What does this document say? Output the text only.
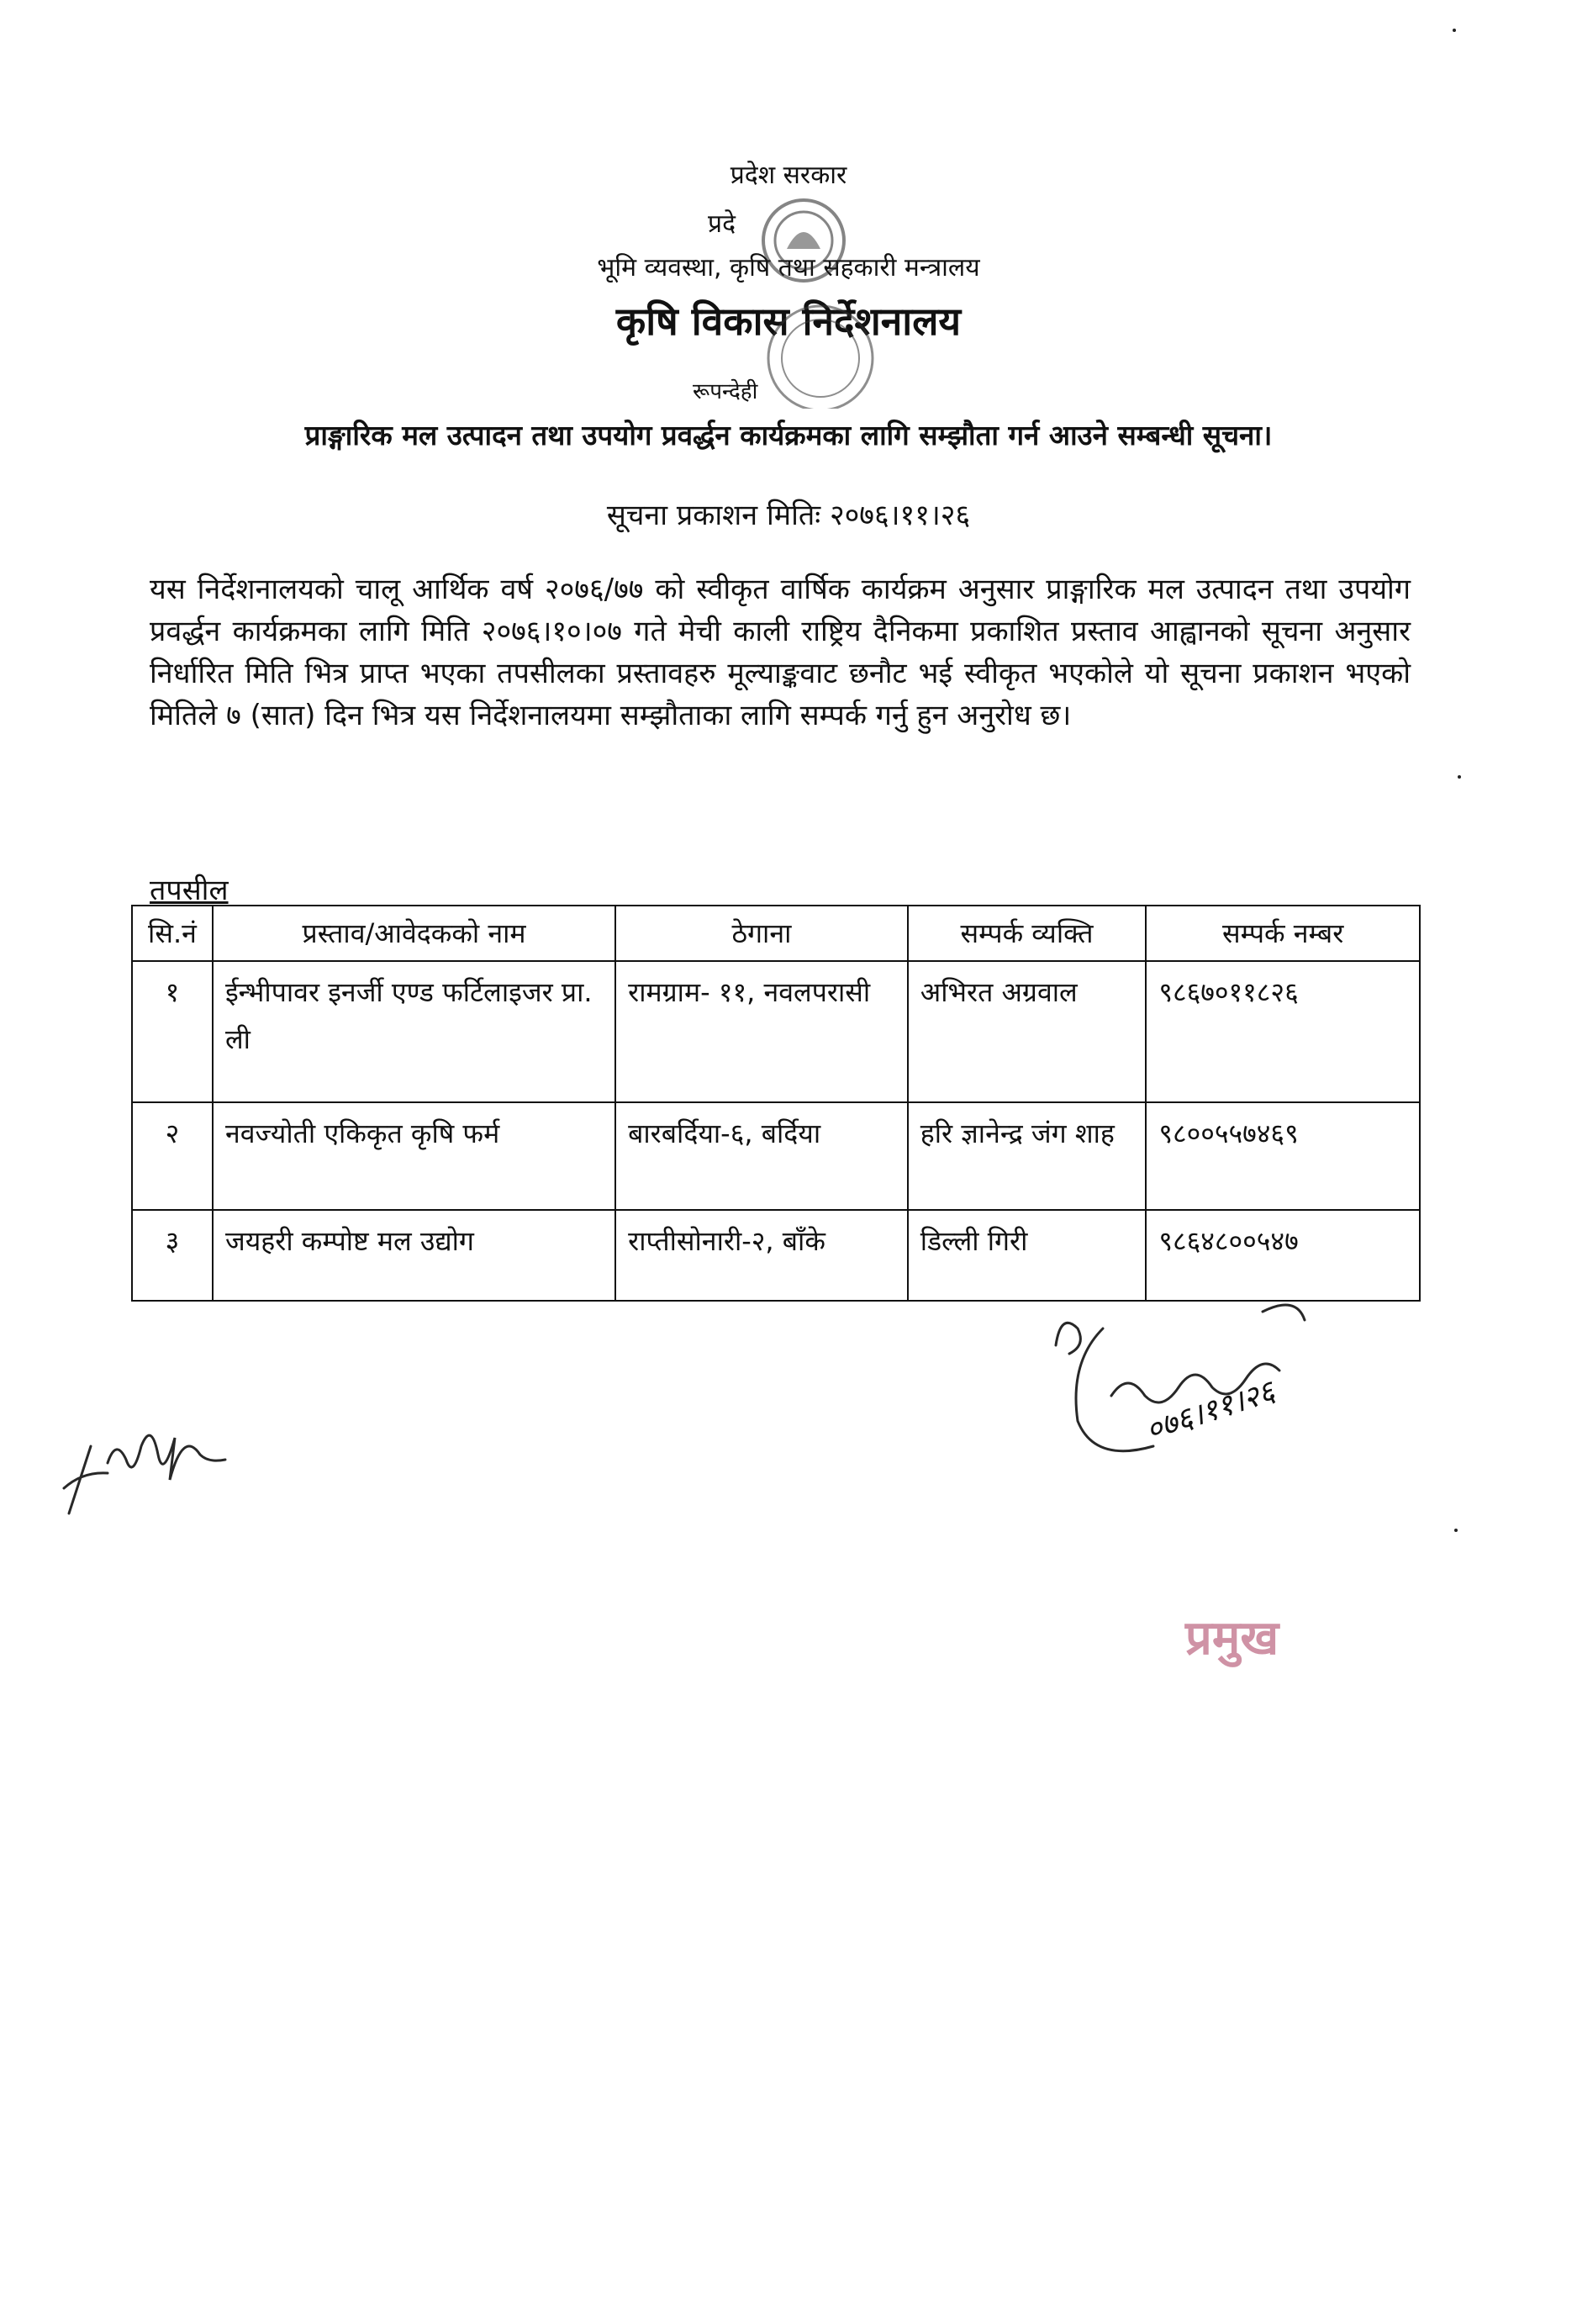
प्रदेश सरकार
प्रदे
भूमि व्यवस्था, कृषि तथा सहकारी मन्त्रालय
कृषि विकास निर्देशनालय
रूपन्देही
प्राङ्गारिक मल उत्पादन तथा उपयोग प्रवर्द्धन कार्यक्रमका लागि सम्झौता गर्न आउने सम्बन्धी सूचना।
सूचना प्रकाशन मितिः २०७६।११।२६

यस निर्देशनालयको चालू आर्थिक वर्ष २०७६/७७ को स्वीकृत वार्षिक कार्यक्रम अनुसार प्राङ्गारिक मल उत्पादन तथा उपयोग प्रवर्द्धन कार्यक्रमका लागि मिति २०७६।१०।०७ गते मेची काली राष्ट्रिय दैनिकमा प्रकाशित प्रस्ताव आह्वानको सूचना अनुसार निर्धारित मिति भित्र प्राप्त भएका तपसीलका प्रस्तावहरु मूल्याङ्कवाट छनौट भई स्वीकृत भएकोले यो सूचना प्रकाशन भएको मितिले ७ (सात) दिन भित्र यस निर्देशनालयमा सम्झौताका लागि सम्पर्क गर्नु हुन अनुरोध छ।

तपसील
सि.नं	प्रस्ताव/आवेदकको नाम	ठेगाना	सम्पर्क व्यक्ति	सम्पर्क नम्बर
१	ईन्भीपावर इनर्जी एण्ड फर्टिलाइजर प्रा. ली	रामग्राम- ११, नवलपरासी	अभिरत अग्रवाल	९८६७०११८२६
२	नवज्योती एकिकृत कृषि फर्म	बारबर्दिया-६, बर्दिया	हरि ज्ञानेन्द्र जंग शाह	९८००५५७४६९
३	जयहरी कम्पोष्ट मल उद्योग	राप्तीसोनारी-२, बाँके	डिल्ली गिरी	९८६४८००५४७
०७६।११।२६
प्रमुख
